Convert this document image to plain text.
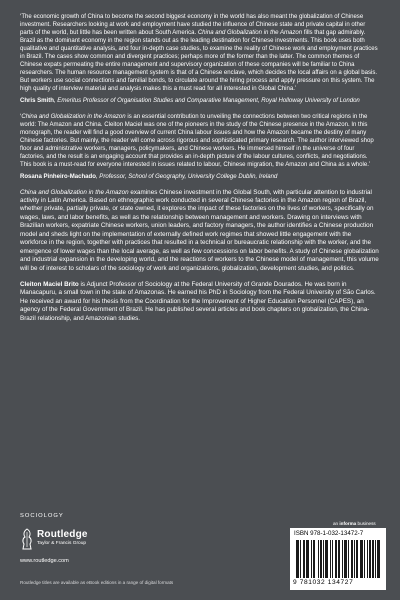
‘The economic growth of China to become the second biggest economy in the world has also meant the globalization of Chinese investment. Researchers looking at work and employment have studied the influence of Chinese state and private capital in other parts of the world, but little has been written about South America. China and Globalization in the Amazon fills that gap admirably. Brazil as the dominant economy in the region stands out as the leading destination for Chinese investments. This book uses both qualitative and quantitative analysis, and four in-depth case studies, to examine the reality of Chinese work and employment practices in Brazil. The cases show common and divergent practices; perhaps more of the former than the latter. The common themes of Chinese expats permeating the entire management and supervisory organization of these companies will be familiar to China researchers. The human resource management system is that of a Chinese enclave, which decides the local affairs on a global basis. But workers use social connections and familial bonds, to circulate around the hiring process and apply pressure on this system. The high quality of interview material and analysis makes this a must read for all interested in Global China.’

Chris Smith, Emeritus Professor of Organisation Studies and Comparative Management, Royal Holloway University of London

‘China and Globalization in the Amazon is an essential contribution to unveiling the connections between two critical regions in the world: The Amazon and China. Cleiton Maciel was one of the pioneers in the study of the Chinese presence in the Amazon. In this monograph, the reader will find a good overview of current China labour issues and how the Amazon became the destiny of many Chinese factories. But mainly, the reader will come across rigorous and sophisticated primary research. The author interviewed shop floor and administrative workers, managers, policymakers, and Chinese workers. He immersed himself in the universe of four factories, and the result is an engaging account that provides an in-depth picture of the labour cultures, conflicts, and negotiations. This book is a must-read for everyone interested in issues related to labour, Chinese migration, the Amazon and China as a whole.’

Rosana Pinheiro-Machado, Professor, School of Geography, University College Dublin, Ireland

China and Globalization in the Amazon examines Chinese investment in the Global South, with particular attention to industrial activity in Latin America. Based on ethnographic work conducted in several Chinese factories in the Amazon region of Brazil, whether private, partially private, or state owned, it explores the impact of these factories on the lives of workers, specifically on wages, laws, and labor benefits, as well as the relationship between management and workers. Drawing on interviews with Brazilian workers, expatriate Chinese workers, union leaders, and factory managers, the author identifies a Chinese production model and sheds light on the implementation of externally defined work regimes that showed little engagement with the workforce in the region, together with practices that resulted in a technical or bureaucratic relationship with the worker, and the emergence of lower wages than the local average, as well as few concessions on labor benefits. A study of Chinese globalization and industrial expansion in the developing world, and the reactions of workers to the Chinese model of management, this volume will be of interest to scholars of the sociology of work and organizations, globalization, development studies, and politics.

Cleiton Maciel Brito is Adjunct Professor of Sociology at the Federal University of Grande Dourados. He was born in Manacapuru, a small town in the state of Amazonas. He earned his PhD in Sociology from the Federal University of São Carlos. He received an award for his thesis from the Coordination for the Improvement of Higher Education Personnel (CAPES), an agency of the Federal Government of Brazil. He has published several articles and book chapters on globalization, the China-Brazil relationship, and Amazonian studies.

SOCIOLOGY
an informa business
Routledge
Taylor & Francis Group
www.routledge.com
Routledge titles are available as eBook editions in a range of digital formats
ISBN 978-1-032-13472-7
9 781032 134727
